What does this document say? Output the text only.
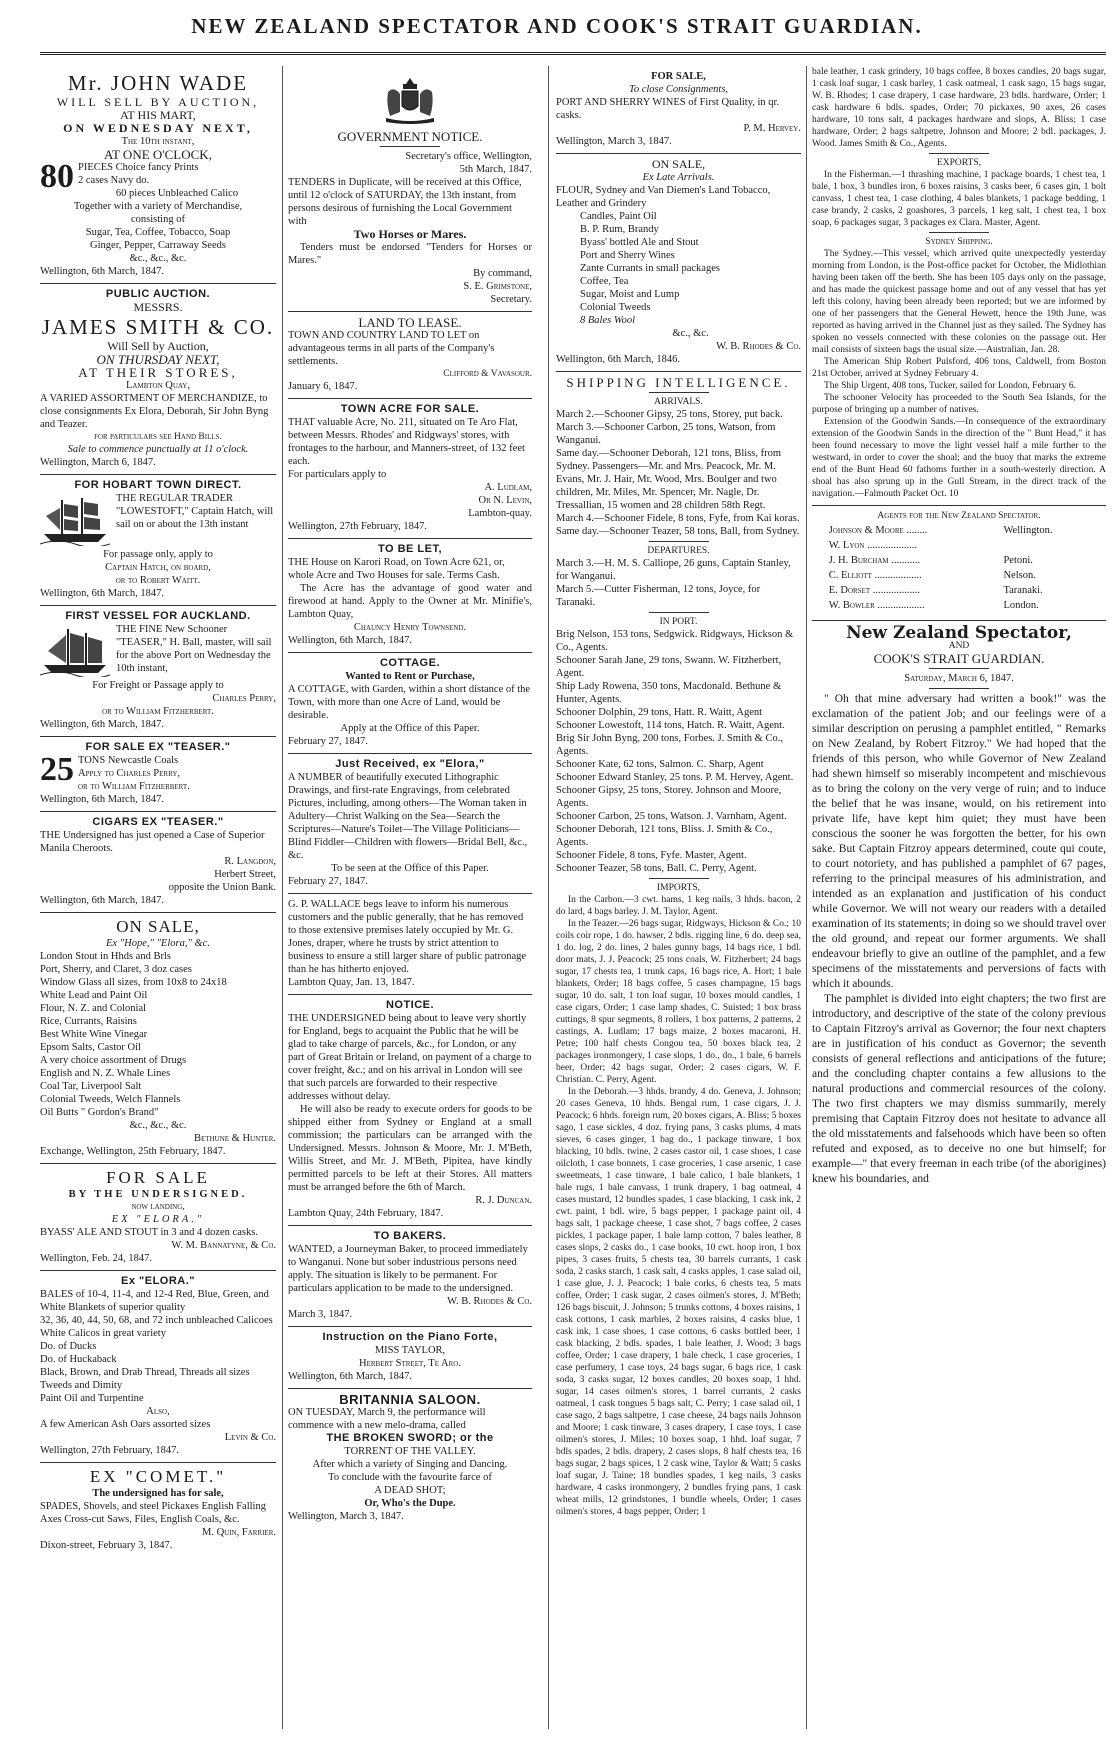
NEW ZEALAND SPECTATOR AND COOK'S STRAIT GUARDIAN.
Mr. JOHN WADE
WILL SELL BY AUCTION,
AT HIS MART,
ON WEDNESDAY NEXT,
The 10th instant,
AT ONE O'CLOCK,
80 PIECES Choice fancy Prints
2 cases Navy do.
60 pieces Unbleached Calico
Together with a variety of Merchandise,
consisting of
Sugar, Tea, Coffee, Tobacco, Soap
Ginger, Pepper, Carraway Seeds
&c., &c., &c.
Wellington, 6th March, 1847.
PUBLIC AUCTION.
MESSRS.
JAMES SMITH & CO.
Will Sell by Auction,
ON THURSDAY NEXT,
AT THEIR STORES,
Lambton Quay,
A VARIED ASSORTMENT OF MERCHANDIZE, to close consignments Ex Elora, Deborah, Sir John Byng and Teazer.
for particulars see Hand Bills.
Sale to commence punctually at 11 o'clock.
Wellington, March 6, 1847.
FOR HOBART TOWN DIRECT.
THE REGULAR TRADER "LOWESTOFT," Captain Hatch, will sail on or about the 13th instant
For passage only, apply to
Captain Hatch, on board,
or to Robert Waitt.
Wellington, 6th March, 1847.
FIRST VESSEL FOR AUCKLAND.
THE FINE New Schooner "TEASER," H. Ball, master, will sail for the above Port on Wednesday the 10th instant,
For Freight or Passage apply to
Charles Perry,
or to William Fitzherbert.
Wellington, 6th March, 1847.
FOR SALE EX "TEASER."
25 TONS Newcastle Coals
Apply to Charles Perry,
or to William Fitzherbert.
Wellington, 6th March, 1847.
CIGARS EX "TEASER."
THE Undersigned has just opened a Case of Superior Manila Cheroots.
R. Langdon,
Herbert Street,
opposite the Union Bank.
Wellington, 6th March, 1847.
ON SALE,
Ex "Hope," "Elora," &c.
London Stout in Hhds and Brls
Port, Sherry, and Claret, 3 doz cases
Window Glass all sizes, from 10x8 to 24x18
White Lead and Paint Oil
Flour, N. Z. and Colonial
Rice, Currants, Raisins
Best White Wine Vinegar
Epsom Salts, Castor Oil
A very choice assortment of Drugs
English and N. Z. Whale Lines
Coal Tar, Liverpool Salt
Colonial Tweeds, Welch Flannels
Oil Butts " Gordon's Brand"
&c., &c., &c.
Bethune & Hunter.
Exchange, Wellington, 25th February, 1847.
FOR SALE
BY THE UNDERSIGNED.
now landing,
EX "ELORA."
BYASS' ALE AND STOUT in 3 and 4 dozen casks.
W. M. Bannatyne, & Co.
Wellington, Feb. 24, 1847.
Ex "ELORA."
BALES of 10-4, 11-4, and 12-4 Red, Blue, Green, and White Blankets of superior quality
32, 36, 40, 44, 50, 68, and 72 inch unbleached Calicoes
White Calicos in great variety
Do. of Ducks
Do. of Huckaback
Black, Brown, and Drab Thread, Threads all sizes
Tweeds and Dimity
Paint Oil and Turpentine
Also,
A few American Ash Oars assorted sizes
Levin & Co.
Wellington, 27th February, 1847.
EX "COMET."
The undersigned has for sale,
SPADES, Shovels, and steel Pickaxes English Falling Axes Cross-cut Saws, Files, English Coals, &c.
M. Quin, Farrier.
Dixon-street, February 3, 1847.
GOVERNMENT NOTICE.
Secretary's office, Wellington,
5th March, 1847.
TENDERS in Duplicate, will be received at this Office, until 12 o'clock of SATURDAY, the 13th instant, from persons desirous of furnishing the Local Government with
Two Horses or Mares.
Tenders must be endorsed "Tenders for Horses or Mares."
By command,
S. E. Grimstone,
Secretary.
LAND TO LEASE.
TOWN AND COUNTRY LAND TO LET on advantageous terms in all parts of the Company's settlements.
Clifford & Vavasour.
January 6, 1847.
TOWN ACRE FOR SALE.
THAT valuable Acre, No. 211, situated on Te Aro Flat, between Messrs. Rhodes' and Ridgways' stores, with frontages to the harbour, and Manners-street, of 132 feet each.
For particulars apply to
A. Ludlam,
Or N. Levin,
Lambton-quay.
Wellington, 27th February, 1847.
TO BE LET,
THE House on Karori Road, on Town Acre 621, or, whole Acre and Two Houses for sale. Terms Cash.
The Acre has the advantage of good water and firewood at hand. Apply to the Owner at Mr. Minifie's, Lambton Quay,
Chauncy Henry Townsend.
Wellington, 6th March, 1847.
COTTAGE.
Wanted to Rent or Purchase,
A COTTAGE, with Garden, within a short distance of the Town, with more than one Acre of Land, would be desirable.
Apply at the Office of this Paper.
February 27, 1847.
Just Received, ex "Elora,"
A NUMBER of beautifully executed Lithographic Drawings, and first-rate Engravings, from celebrated Pictures, including, among others—The Woman taken in Adultery—Christ Walking on the Sea—Search the Scriptures—Nature's Toilet—The Village Politicians—Blind Fiddler—Children with flowers—Bridal Bell, &c., &c.
To be seen at the Office of this Paper.
February 27, 1847.
G. P. WALLACE begs leave to inform his numerous customers and the public generally, that he has removed to those extensive premises lately occupied by Mr. G. Jones, draper, where he trusts by strict attention to business to ensure a still larger share of public patronage than he has hitherto enjoyed.
Lambton Quay, Jan. 13, 1847.
NOTICE.
THE UNDERSIGNED being about to leave very shortly for England, begs to acquaint the Public that he will be glad to take charge of parcels, &c., for London, or any part of Great Britain or Ireland, on payment of a charge to cover freight, &c.; and on his arrival in London will see that such parcels are forwarded to their respective addresses without delay.
He will also be ready to execute orders for goods to be shipped either from Sydney or England at a small commission; the particulars can be arranged with the Undersigned. Messrs. Johnson & Moore, Mr. J. M'Beth, Willis Street, and Mr. J. M'Beth, Pipitea, have kindly permitted parcels to be left at their Stores. All matters must be arranged before the 6th of March.
R. J. Duncan.
Lambton Quay, 24th February, 1847.
TO BAKERS.
WANTED, a Journeyman Baker, to proceed immediately to Wanganui. None but sober industrious persons need apply. The situation is likely to be permanent. For particulars application to be made to the undersigned.
W. B. Rhodes & Co.
March 3, 1847.
Instruction on the Piano Forte,
MISS TAYLOR,
Herbert Street, Te Aro.
Wellington, 6th March, 1847.
BRITANNIA SALOON.
ON TUESDAY, March 9, the performance will commence with a new melo-drama, called
THE BROKEN SWORD; or the
TORRENT OF THE VALLEY.
After which a variety of Singing and Dancing.
To conclude with the favourite farce of
A DEAD SHOT;
Or, Who's the Dupe.
Wellington, March 3, 1847.
FOR SALE,
To close Consignments,
PORT AND SHERRY WINES of First Quality, in qr. casks.
P. M. Hervey.
Wellington, March 3, 1847.
ON SALE,
Ex Late Arrivals.
FLOUR, Sydney and Van Diemen's Land Tobacco, Leather and Grindery
Candles, Paint Oil
B. P. Rum, Brandy
Byass' bottled Ale and Stout
Port and Sherry Wines
Zante Currants in small packages
Coffee, Tea
Sugar, Moist and Lump
Colonial Tweeds
8 Bales Wool
&c., &c.
W. B. Rhodes & Co.
Wellington, 6th March, 1846.
SHIPPING INTELLIGENCE.
ARRIVALS.
March 2.—Schooner Gipsy, 25 tons, Storey, put back.
March 3.—Schooner Carbon, 25 tons, Watson, from Wanganui.
Same day.—Schooner Deborah, 121 tons, Bliss, from Sydney. Passengers—Mr. and Mrs. Peacock, Mr. M. Evans, Mr. J. Hair, Mr. Wood, Mrs. Boulger and two children, Mr. Miles, Mr. Spencer, Mr. Nagle, Dr. Tressallian, 15 women and 28 children 58th Regt.
March 4.—Schooner Fidele, 8 tons, Fyfe, from Kai koras.
Same day.—Schooner Teazer, 58 tons, Ball, from Sydney.
DEPARTURES.
March 3.—H. M. S. Calliope, 26 guns, Captain Stanley, for Wanganui.
March 5.—Cutter Fisherman, 12 tons, Joyce, for Taranaki.
IN PORT.
Brig Nelson, 153 tons, Sedgwick. Ridgways, Hickson & Co., Agents.
Schooner Sarah Jane, 29 tons, Swann. W. Fitzherbert, Agent.
Ship Lady Rowena, 350 tons, Macdonald. Bethune & Hunter, Agents.
Schooner Dolphin, 29 tons, Hatt. R. Waitt, Agent
Schooner Lowestoft, 114 tons, Hatch. R. Waitt, Agent.
Brig Sir John Byng, 200 tons, Forbes. J. Smith & Co., Agents.
Schooner Kate, 62 tons, Salmon. C. Sharp, Agent
Schooner Edward Stanley, 25 tons. P. M. Hervey, Agent.
Schooner Gipsy, 25 tons, Storey. Johnson and Moore, Agents.
Schooner Carbon, 25 tons, Watson. J. Varnham, Agent.
Schooner Deborah, 121 tons, Bliss. J. Smith & Co., Agents.
Schooner Fidele, 8 tons, Fyfe. Master, Agent.
Schooner Teazer, 58 tons, Ball. C. Perry, Agent.
IMPORTS,
In the Carbon.—3 cwt. hams, 1 keg nails, 3 hhds. bacon, 2 do lard, 4 bags barley. J. M. Taylor, Agent.
In the Teazer.—26 bags sugar, Ridgways, Hickson & Co.; 10 coils coir rope, 1 do. hawser, 2 bdls. rigging line, 6 do. deep sea, 1 do. log, 2 do. lines, 2 bales gunny bags, 14 bags rice, 1 bdl. door mats, J. J. Peacock; 25 tons coals, W. Fitzherbert; 24 bags sugar, 17 chests tea, 1 trunk caps, 16 bags rice, A. Hort; 1 bale blankets, Order; 18 bags coffee, 5 cases champagne, 15 bags sugar, 10 do. salt, 1 ton loaf sugar, 10 boxes mould candles, 1 case cigars, Order; 1 case lamp shades, C. Suisted; 1 box brass cuttings, 8 spur segments, 8 rollers, 1 box patterns, 2 patterns, 2 castings, A. Ludlam; 17 bags maize, 2 boxes macaroni, H. Petre; 100 half chests Congou tea, 50 boxes black tea, 2 packages ironmongery, 1 case slops, 1 do., do., 1 bale, 6 barrels beer, Order; 42 bags sugar, Order; 2 cases cigars, W. F. Christian. C. Perry, Agent.
In the Deborah.—3 hhds. brandy, 4 do. Geneva, J. Johnson; 20 cases Geneva, 10 hhds. Bengal rum, 1 case cigars, J. J. Peacock; 6 hhds. foreign rum, 20 boxes cigars, A. Bliss; 5 boxes sago, 1 case sickles, 4 doz. frying pans, 3 casks plums, 4 mats sieves, 6 cases ginger, 1 bag do., 1 package tinware, 1 box blacking, 10 bdls. twine, 2 cases castor oil, 1 case shoes, 1 case oilcloth, 1 case bonnets, 1 case groceries, 1 case arsenic, 1 case sweetmeats, 1 case tinware, 1 bale calico, 1 bale blankets, 1 bale rugs, 1 bale canvass, 1 trunk drapery, 1 bag oatmeal, 4 cases mustard, 12 bundles spades, 1 case blacking, 1 cask ink, 2 cwt. paint, 1 bdl. wire, 5 bags pepper, 1 package paint oil, 4 bags salt, 1 package cheese, 1 case shot, 7 bags coffee, 2 cases pickles, 1 package paper, 1 bale lamp cotton, 7 bales leather, 8 cases slops, 2 casks do., 1 case books, 10 cwt. hoop iron, 1 box pipes, 3 cases fruits, 5 chests tea, 30 barrels currants, 1 cask soda, 2 casks starch, 1 cask salt, 4 casks apples, 1 case salad oil, 1 case glue, J. J. Peacock; 1 bale corks, 6 chests tea, 5 mats coffee, Order; 1 cask sugar, 2 cases oilmen's stores, J. M'Beth; 126 bags biscuit, J. Johnson; 5 trunks cottons, 4 boxes raisins, 1 cask cottons, 1 cask marbles, 2 boxes raisins, 4 casks blue, 1 cask ink, 1 case shoes, 1 case cottons, 6 casks bottled beer, 1 cask blacking, 2 bdls. spades, 1 bale leather, J. Wood; 3 bags coffee, Order; 1 case drapery, 1 bale check, 1 case groceries, 1 case perfumery, 1 case toys, 24 bags sugar, 6 bags rice, 1 cask soda, 3 casks sugar, 12 boxes candles, 20 boxes soap, 1 hhd. sugar, 14 cases oilmen's stores, 1 barrel currants, 2 casks oatmeal, 1 cask tongues 5 bags salt, C. Perry; 1 case salad oil, 1 case sago, 2 bags saltpetre, 1 case cheese, 24 bags nails Johnson and Moore; 1 cask tinware, 3 cases drapery, 1 case toys, 1 case oilmen's stores, J. Miles; 10 boxes soap, 1 hhd. loaf sugar, 7 bdls spades, 2 bdls. drapery, 2 cases slops, 8 half chests tea, 16 bags sugar, 2 bags spices, 1 2 cask wine, Taylor & Watt; 5 casks loaf sugar, J. Taine; 18 bundles spades, 1 keg nails, 3 casks hardware, 4 casks ironmongery, 2 bundles frying pans, 1 cask wheat mills, 12 grindstones, 1 bundle wheels, Order; 1 cases oilmen's stores, 4 bags pepper, Order; 1
bale leather, 1 cask grindery, 10 bags coffee, 8 boxes candles, 20 bags sugar, 1 cask loaf sugar, 1 cask barley, 1 cask oatmeal, 1 cask sago, 15 bags sugar, W. B. Rhodes; 1 case drapery, 1 case hardware, 23 bdls. hardware, Order; 1 cask hardware 6 bdls. spades, Order; 70 pickaxes, 90 axes, 26 cases hardware, 10 tons salt, 4 packages hardware and slops, A. Bliss; 1 case hardware, Order; 2 bags saltpetre, Johnson and Moore; 2 bdl. packages, J. Wood. James Smith & Co., Agents.
EXPORTS,
In the Fisherman.—1 thrashing machine, 1 package boards, 1 chest tea, 1 bale, 1 box, 3 bundles iron, 6 boxes raisins, 3 casks beer, 6 cases gin, 1 bolt canvass, 1 chest tea, 1 case clothing, 4 bales blankets, 1 package bedding, 1 case brandy, 2 casks, 2 goashores, 3 parcels, 1 keg salt, 1 chest tea, 1 box soap, 6 packages sugar, 3 packages ex Clara. Master, Agent.
Sydney Shipping.
The Sydney.—This vessel, which arrived quite unexpectedly yesterday morning from London, is the Post-office packet for October, the Midlothian having been taken off the berth. She has been 105 days only on the passage, and has made the quickest passage home and out of any vessel that has yet left this colony, having been already been reported; but we are informed by one of her passengers that the General Hewett, hence the 19th June, was reported as having arrived in the Channel just as they sailed. The Sydney has spoken no vessels connected with these colonies on the passage out. Her mail consists of sixteen bags the usual size.—Australian, Jan. 28.
The American Ship Robert Pulsford, 406 tons, Caldwell, from Boston 21st October, arrived at Sydney February 4.
The Ship Urgent, 408 tons, Tucker, sailed for London, February 6.
The schooner Velocity has proceeded to the South Sea Islands, for the purpose of bringing up a number of natives.
Extension of the Goodwin Sands.—In consequence of the extraordinary extension of the Goodwin Sands in the direction of the " Bunt Head," it has been found necessary to move the light vessel half a mile further to the westward, in order to cover the shoal; and the buoy that marks the extreme end of the Bunt Head 60 fathoms further in a south-westerly direction. A shoal has also sprung up in the Gull Stream, in the direct track of the navigation.—Falmouth Packet Oct. 10
Agents for the New Zealand Spectator.
Johnson & Moore ........	Wellington.
W. Lyon ...................	
J. H. Burcham ...........	Petoni.
C. Elliott ..................	Nelson.
E. Dorset ..................	Taranaki.
W. Bowler ..................	London.
New Zealand Spectator,
AND
COOK'S STRAIT GUARDIAN.
Saturday, March 6, 1847.
" Oh that mine adversary had written a book!" was the exclamation of the patient Job; and our feelings were of a similar description on perusing a pamphlet entitled, " Remarks on New Zealand, by Robert Fitzroy." We had hoped that the friends of this person, who while Governor of New Zealand had shewn himself so miserably incompetent and mischievous as to bring the colony on the very verge of ruin; and to induce the belief that he was insane, would, on his retirement into private life, have kept him quiet; they must have been conscious the sooner he was forgotten the better, for his own sake. But Captain Fitzroy appears determined, coute qui coute, to court notoriety, and has published a pamphlet of 67 pages, referring to the principal measures of his administration, and intended as an explanation and justification of his conduct while Governor. We will not weary our readers with a detailed examination of its statements; in doing so we should travel over the old ground, and repeat our former arguments. We shall endeavour briefly to give an outline of the pamphlet, and a few specimens of the misstatements and perversions of facts with which it abounds.
The pamphlet is divided into eight chapters; the two first are introductory, and descriptive of the state of the colony previous to Captain Fitzroy's arrival as Governor; the four next chapters are in justification of his conduct as Governor; the seventh consists of general reflections and anticipations of the future; and the concluding chapter contains a few allusions to the natural productions and commercial resources of the colony. The two first chapters we may dismiss summarily, merely premising that Captain Fitzroy does not hesitate to advance all the old misstatements and falsehoods which have been so often refuted and exposed, as to deceive no one but himself; for example—" that every freeman in each tribe (of the aborigines) knew his boundaries, and
